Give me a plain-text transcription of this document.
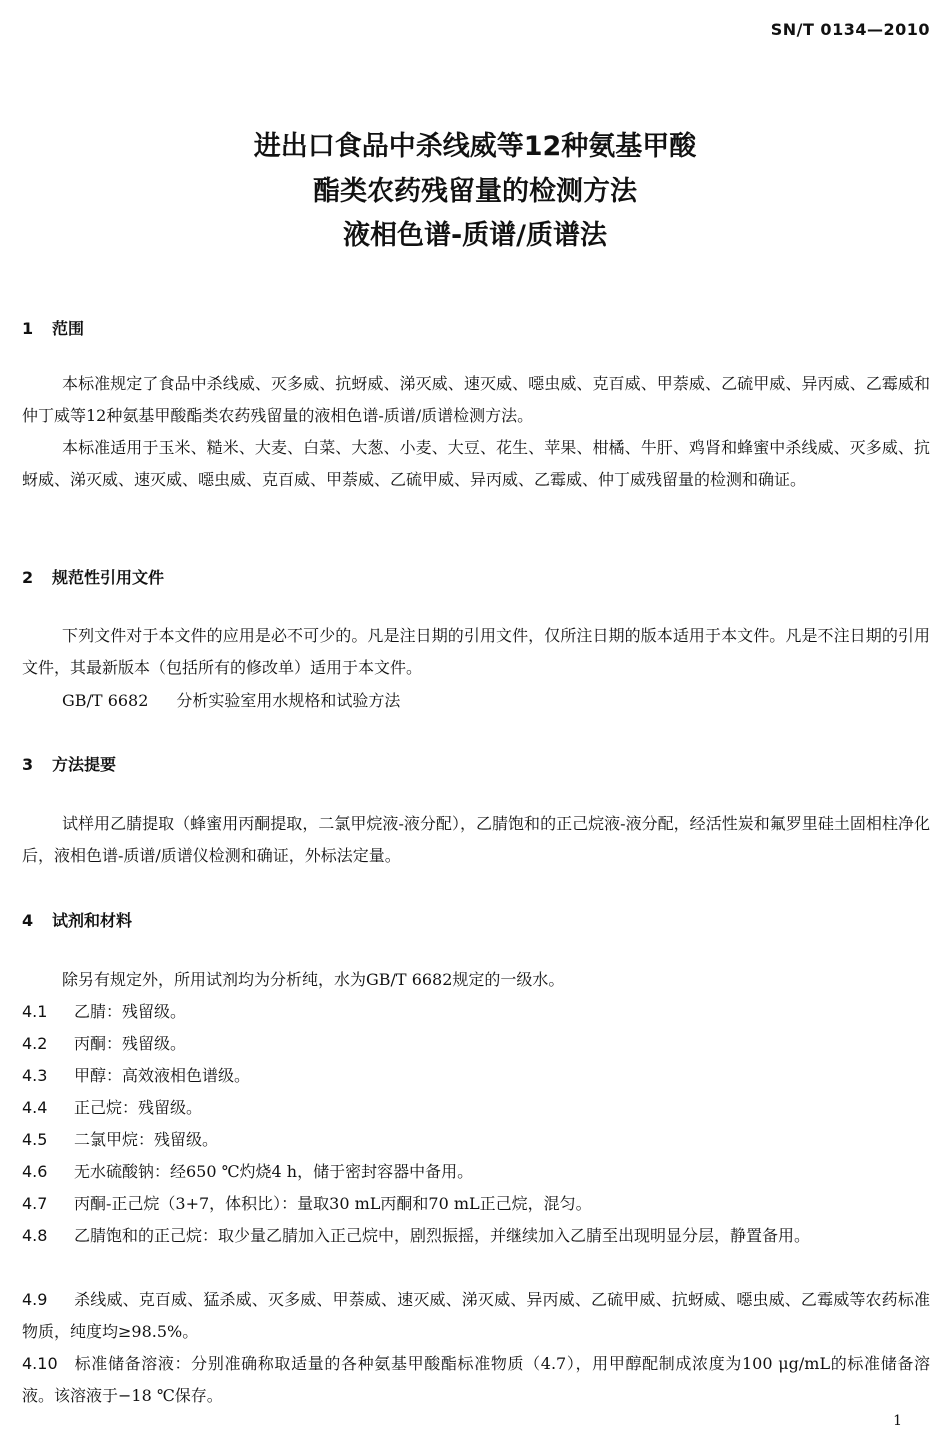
SN/T 0134—2010
进出口食品中杀线威等12种氨基甲酸
酯类农药残留量的检测方法
液相色谱-质谱/质谱法
1 范围

本标准规定了食品中杀线威、灭多威、抗蚜威、涕灭威、速灭威、噁虫威、克百威、甲萘威、乙硫甲威、异丙威、乙霉威和仲丁威等12种氨基甲酸酯类农药残留量的液相色谱-质谱/质谱检测方法。

本标准适用于玉米、糙米、大麦、白菜、大葱、小麦、大豆、花生、苹果、柑橘、牛肝、鸡肾和蜂蜜中杀线威、灭多威、抗蚜威、涕灭威、速灭威、噁虫威、克百威、甲萘威、乙硫甲威、异丙威、乙霉威、仲丁威残留量的检测和确证。

2 规范性引用文件

下列文件对于本文件的应用是必不可少的。凡是注日期的引用文件，仅所注日期的版本适用于本文件。凡是不注日期的引用文件，其最新版本（包括所有的修改单）适用于本文件。

GB/T 6682 分析实验室用水规格和试验方法
3 方法提要

试样用乙腈提取（蜂蜜用丙酮提取，二氯甲烷液-液分配），乙腈饱和的正己烷液-液分配，经活性炭和氟罗里硅土固相柱净化后，液相色谱-质谱/质谱仪检测和确证，外标法定量。

4 试剂和材料

除另有规定外，所用试剂均为分析纯，水为GB/T 6682规定的一级水。

4.1 乙腈：残留级。

4.2 丙酮：残留级。

4.3 甲醇：高效液相色谱级。

4.4 正己烷：残留级。

4.5 二氯甲烷：残留级。

4.6 无水硫酸钠：经650 ℃灼烧4 h，储于密封容器中备用。

4.7 丙酮-正己烷（3+7，体积比）：量取30 mL丙酮和70 mL正己烷，混匀。

4.8 乙腈饱和的正己烷：取少量乙腈加入正己烷中，剧烈振摇，并继续加入乙腈至出现明显分层，静置备用。

4.9 杀线威、克百威、猛杀威、灭多威、甲萘威、速灭威、涕灭威、异丙威、乙硫甲威、抗蚜威、噁虫威、乙霉威等农药标准物质，纯度均≥98.5%。

4.10 标准储备溶液：分别准确称取适量的各种氨基甲酸酯标准物质（4.7），用甲醇配制成浓度为100 μg/mL的标准储备溶液。该溶液于−18 ℃保存。

1
